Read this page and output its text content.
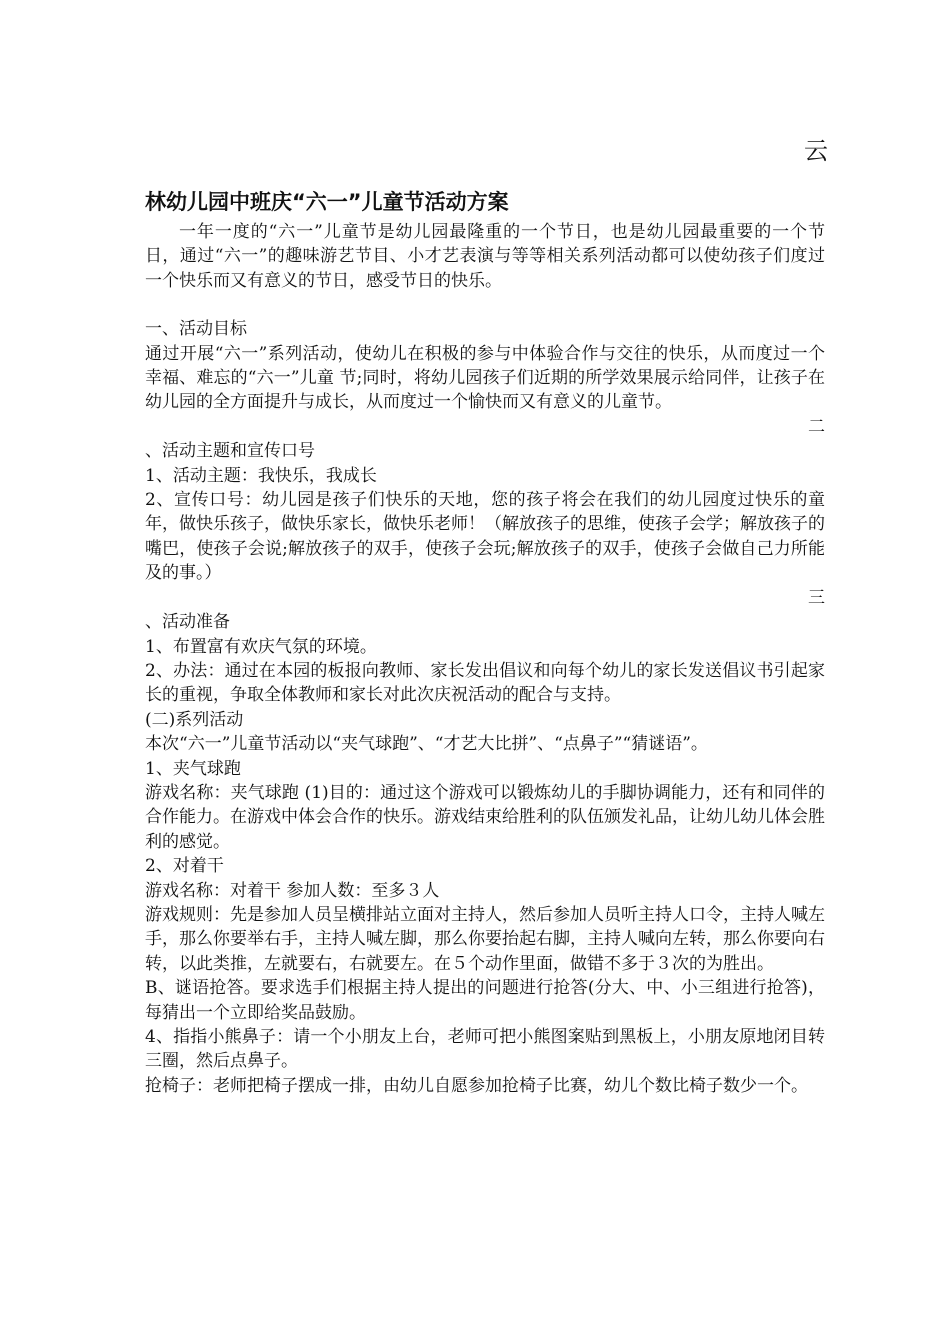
云
林幼儿园中班庆“六一”儿童节活动方案

一年一度的“六一”儿童节是幼儿园最隆重的一个节日，也是幼儿园最重要的一个节日，通过“六一”的趣味游艺节目、小才艺表演与等等相关系列活动都可以使幼孩子们度过一个快乐而又有意义的节日，感受节日的快乐。

一、活动目标

通过开展“六一”系列活动，使幼儿在积极的参与中体验合作与交往的快乐，从而度过一个幸福、难忘的“六一”儿童 节;同时，将幼儿园孩子们近期的所学效果展示给同伴，让孩子在幼儿园的全方面提升与成长，从而度过一个愉快而又有意义的儿童节。

二

、活动主题和宣传口号

1、活动主题：我快乐，我成长

2、宣传口号：幼儿园是孩子们快乐的天地，您的孩子将会在我们的幼儿园度过快乐的童年，做快乐孩子，做快乐家长，做快乐老师！（解放孩子的思维，使孩子会学；解放孩子的嘴巴，使孩子会说;解放孩子的双手，使孩子会玩;解放孩子的双手，使孩子会做自己力所能及的事。）

三

、活动准备

1、布置富有欢庆气氛的环境。

2、办法：通过在本园的板报向教师、家长发出倡议和向每个幼儿的家长发送倡议书引起家长的重视，争取全体教师和家长对此次庆祝活动的配合与支持。

(二)系列活动

本次“六一”儿童节活动以“夹气球跑”、“才艺大比拼”、“点鼻子”“猜谜语”。

1、夹气球跑

游戏名称：夹气球跑 (1)目的：通过这个游戏可以锻炼幼儿的手脚协调能力，还有和同伴的合作能力。在游戏中体会合作的快乐。游戏结束给胜利的队伍颁发礼品，让幼儿幼儿体会胜利的感觉。

2、对着干

游戏名称：对着干 参加人数：至多３人

游戏规则：先是参加人员呈横排站立面对主持人，然后参加人员听主持人口令，主持人喊左手，那么你要举右手，主持人喊左脚，那么你要抬起右脚，主持人喊向左转，那么你要向右转，以此类推，左就要右，右就要左。在５个动作里面，做错不多于３次的为胜出。

B、谜语抢答。要求选手们根据主持人提出的问题进行抢答(分大、中、小三组进行抢答)，每猜出一个立即给奖品鼓励。

4、指指小熊鼻子：请一个小朋友上台，老师可把小熊图案贴到黑板上，小朋友原地闭目转三圈，然后点鼻子。

抢椅子：老师把椅子摆成一排，由幼儿自愿参加抢椅子比赛，幼儿个数比椅子数少一个。
